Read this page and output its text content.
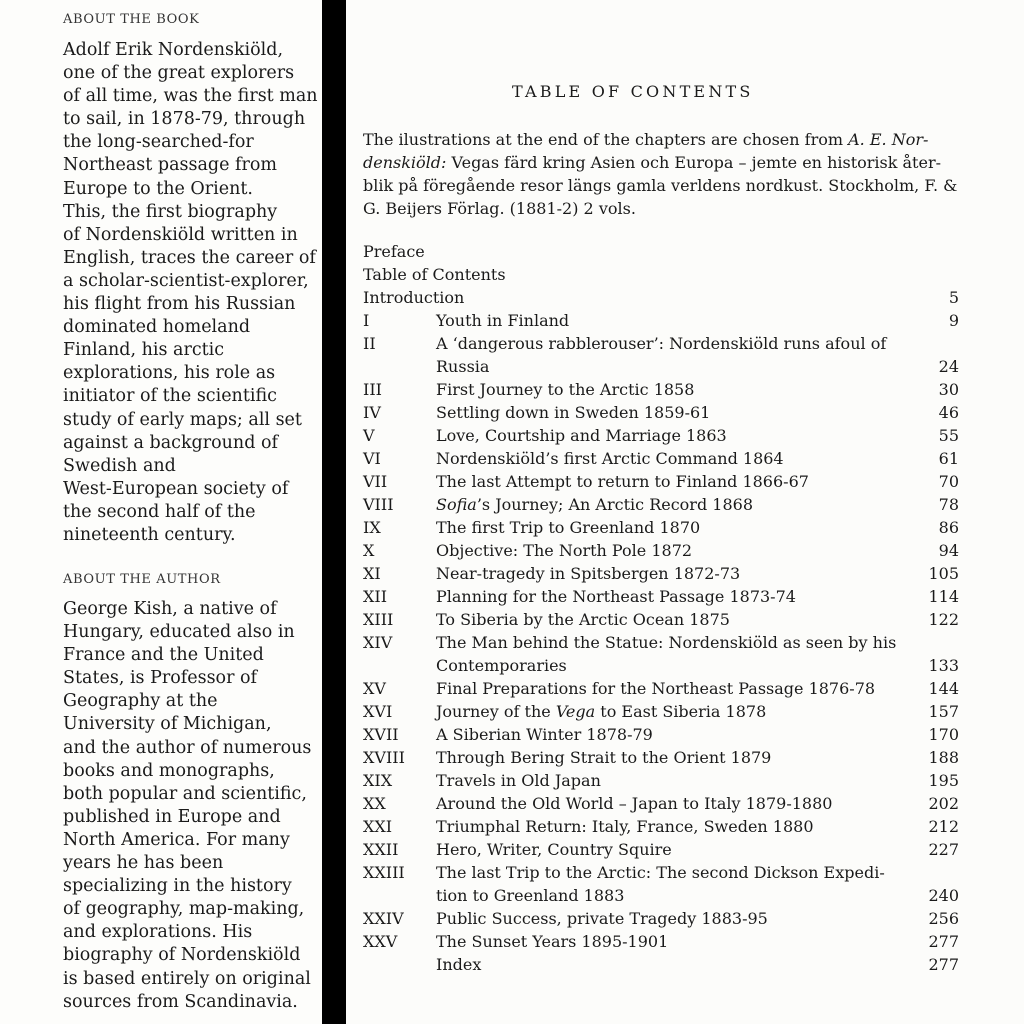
ABOUT THE BOOK

Adolf Erik Nordenskiöld,
one of the great explorers
of all time, was the first man
to sail, in 1878-79, through
the long-searched-for
Northeast passage from
Europe to the Orient.

This, the first biography
of Nordenskiöld written in
English, traces the career of
a scholar-scientist-explorer,
his flight from his Russian
dominated homeland
Finland, his arctic
explorations, his role as
initiator of the scientific
study of early maps; all set
against a background of
Swedish and
West-European society of
the second half of the
nineteenth century.

ABOUT THE AUTHOR

George Kish, a native of
Hungary, educated also in
France and the United
States, is Professor of
Geography at the
University of Michigan,
and the author of numerous
books and monographs,
both popular and scientific,
published in Europe and
North America. For many
years he has been
specializing in the history
of geography, map-making,
and explorations. His
biography of Nordenskiöld
is based entirely on original
sources from Scandinavia.

TABLE OF CONTENTS
The ilustrations at the end of the chapters are chosen from A. E. Nor-
denskiöld: Vegas färd kring Asien och Europa – jemte en historisk åter-
blik på föregående resor längs gamla verldens nordkust. Stockholm, F. &
G. Beijers Förlag. (1881-2) 2 vols.
Preface
Table of Contents
Introduction	5
I	Youth in Finland	9
II	A ‘dangerous rabblerouser’: Nordenskiöld runs afoul of
Russia	24
III	First Journey to the Arctic 1858	30
IV	Settling down in Sweden 1859-61	46
V	Love, Courtship and Marriage 1863	55
VI	Nordenskiöld’s first Arctic Command 1864	61
VII	The last Attempt to return to Finland 1866-67	70
VIII	Sofia’s Journey; An Arctic Record 1868	78
IX	The first Trip to Greenland 1870	86
X	Objective: The North Pole 1872	94
XI	Near-tragedy in Spitsbergen 1872-73	105
XII	Planning for the Northeast Passage 1873-74	114
XIII	To Siberia by the Arctic Ocean 1875	122
XIV	The Man behind the Statue: Nordenskiöld as seen by his
Contemporaries	133
XV	Final Preparations for the Northeast Passage 1876-78	144
XVI	Journey of the Vega to East Siberia 1878	157
XVII A Siberian Winter 1878-79	170
XVIII Through Bering Strait to the Orient 1879	188
XIX	Travels in Old Japan	195
XX	Around the Old World – Japan to Italy 1879-1880	202
XXI	Triumphal Return: Italy, France, Sweden 1880	212
XXII Hero, Writer, Country Squire	227
XXIII The last Trip to the Arctic: The second Dickson Expedi-
tion to Greenland 1883	240
XXIV Public Success, private Tragedy 1883-95	256
XXV The Sunset Years 1895-1901	277
Index	277
